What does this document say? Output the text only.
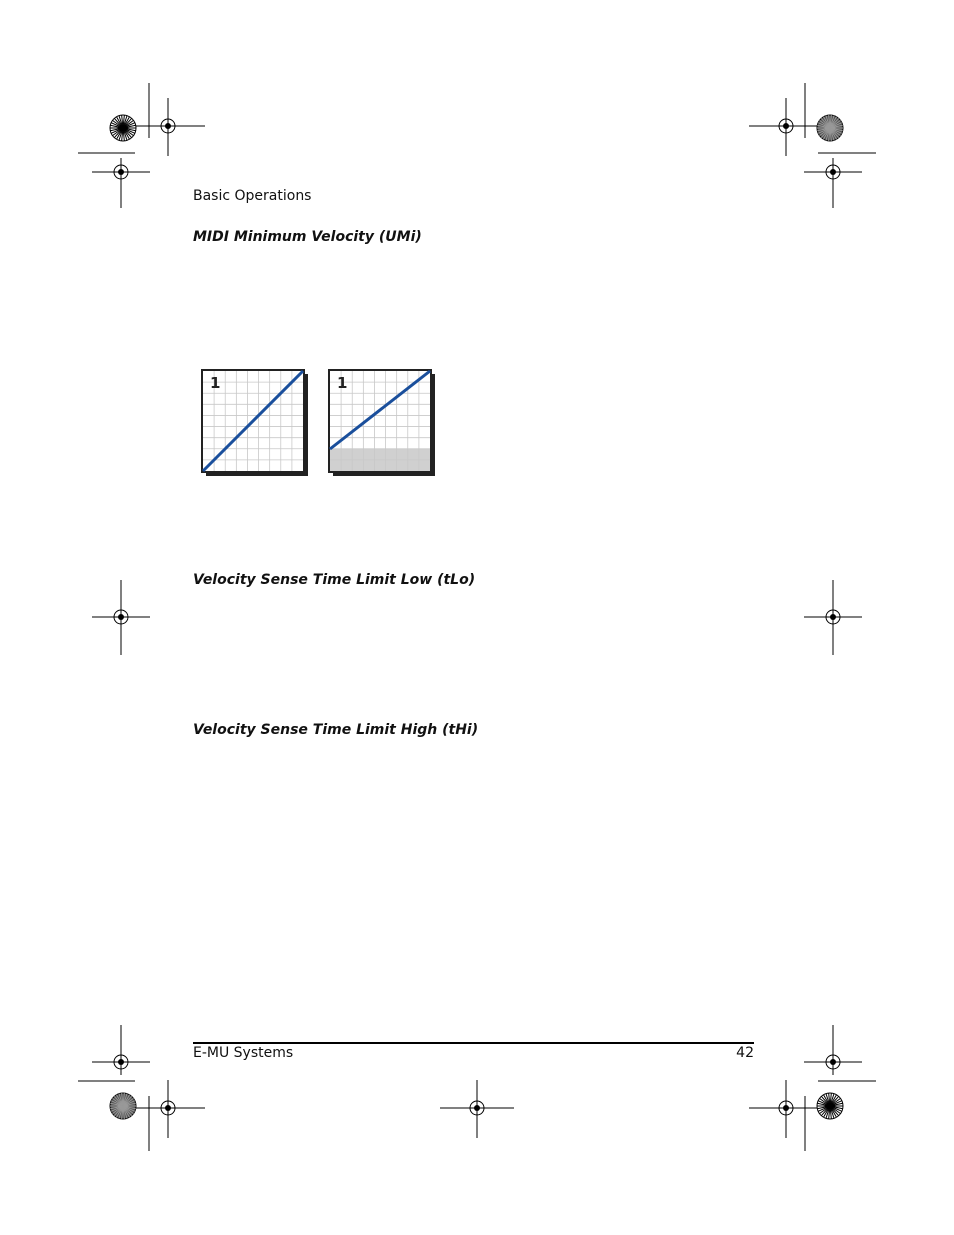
Basic Operations
MIDI Minimum Velocity (UMi)
Velocity Sense Time Limit Low (tLo)
Velocity Sense Time Limit High (tHi)
1	1
E-MU Systems	42
